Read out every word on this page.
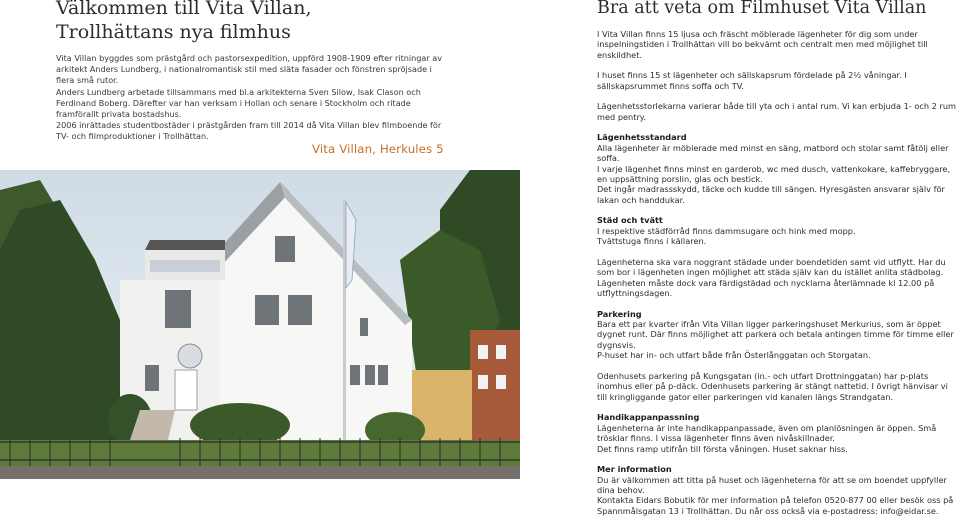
Välkommen till Vita Villan,
Trollhättans nya filmhus

Vita Villan byggdes som prästgård och pastorsexpedition, uppförd 1908-1909 efter ritningar av arkitekt Anders Lundberg, i nationalromantisk stil med släta fasader och fönstren spröjsade i flera små rutor.

Anders Lundberg arbetade tillsammans med bl.a arkitekterna Sven Silow, Isak Clason och Ferdinand Boberg. Därefter var han verksam i Hollan och senare i Stockholm och ritade framförallt privata bostadshus.

2006 inrättades studentbostäder i prästgården fram till 2014 då Vita Villan blev filmboende för TV- och filmproduktioner i Trollhättan.

Vita Villan, Herkules 5
Bra att veta om Filmhuset Vita Villan

I Vita Villan finns 15 ljusa och fräscht möblerade lägenheter för dig som under inspelningstiden i Trollhättan vill bo bekvämt och centralt men med möjlighet till enskildhet.

I huset finns 15 st lägenheter och sällskapsrum fördelade på 2½ våningar. I sällskapsrummet finns soffa och TV.

Lägenhetsstorlekarna varierar både till yta och i antal rum. Vi kan erbjuda 1- och 2 rum med pentry.

Lägenhetsstandard
Alla lägenheter är möblerade med minst en säng, matbord och stolar samt fåtölj eller soffa.
I varje lägenhet finns minst en garderob, wc med dusch, vattenkokare, kaffebryggare, en uppsättning porslin, glas och bestick.
Det ingår madrassskydd, täcke och kudde till sängen. Hyresgästen ansvarar själv för lakan och handdukar.
Städ och tvätt
I respektive städförråd finns dammsugare och hink med mopp.
Tvättstuga finns i källaren.

Lägenheterna ska vara noggrant städade under boendetiden samt vid utflytt. Har du som bor i lägenheten ingen möjlighet att städa själv kan du istället anlita städbolag. Lägenheten måste dock vara färdigstädad och nycklarna återlämnade kl 12.00 på utflyttningsdagen.

Parkering
Bara ett par kvarter ifrån Vita Villan ligger parkeringshuset Merkurius, som är öppet dygnet runt. Där finns möjlighet att parkera och betala antingen timme för timme eller dygnsvis.
P-huset har in- och utfart både från Österlånggatan och Storgatan.

Odenhusets parkering på Kungsgatan (in.- och utfart Drottninggatan) har p-plats inomhus eller på p-däck. Odenhusets parkering är stängt nattetid. I övrigt hänvisar vi till kringliggande gator eller parkeringen vid kanalen längs Strandgatan.

Handikappanpassning
Lägenheterna är inte handikappanpassade, även om planlösningen är öppen. Små trösklar finns. I vissa lägenheter finns även nivåskillnader.
Det finns ramp utifrån till första våningen. Huset saknar hiss.
Mer information
Du är välkommen att titta på huset och lägenheterna för att se om boendet uppfyller dina behov.
Kontakta Eidars Bobutik för mer information på telefon 0520-877 00 eller besök oss på Spannmålsgatan 13 i Trollhättan. Du når oss också via e-postadress: info@eidar.se.
